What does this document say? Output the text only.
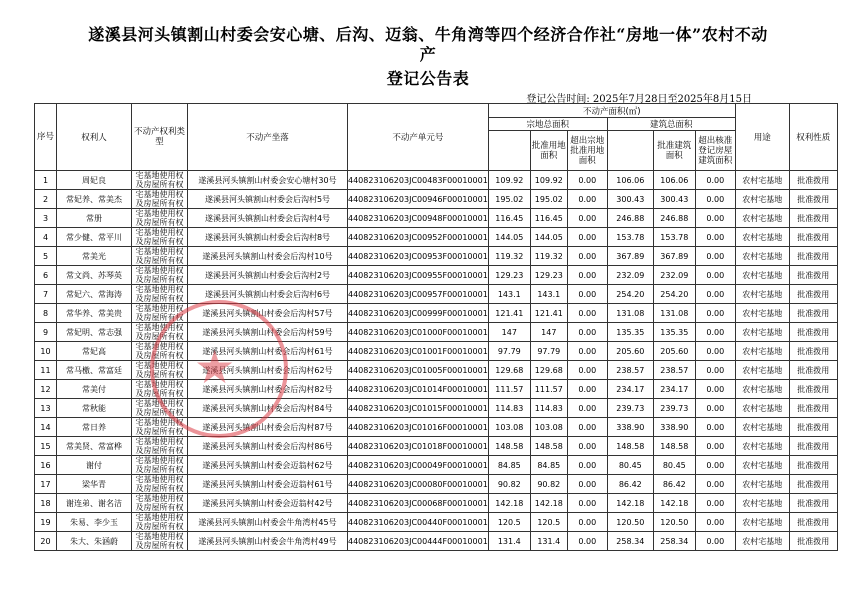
遂溪县河头镇割山村委会安心塘、后沟、迈翁、牛角湾等四个经济合作社“房地一体”农村不动
产
登记公告表
登记公告时间: 2025年7月28日至2025年8月15日
序号	权利人	不动产权利类型	不动产坐落	不动产单元号	不动产面积(㎡)						用途	权利性质
					宗地总面积			建筑总面积				
						批准用地面积	超出宗地批准用地面积		批准建筑面积	超出核准登记房屋建筑面积		
1	周妃良	宅基地使用权及房屋所有权	遂溪县河头镇割山村委会安心塘村30号	440823106203JC00483F00010001	109.92	109.92	0.00	106.06	106.06	0.00	农村宅基地	批准拨用
2	常妃养、常美杰	宅基地使用权及房屋所有权	遂溪县河头镇割山村委会后沟村5号	440823106203JC00946F00010001	195.02	195.02	0.00	300.43	300.43	0.00	农村宅基地	批准拨用
3	常册	宅基地使用权及房屋所有权	遂溪县河头镇割山村委会后沟村4号	440823106203JC00948F00010001	116.45	116.45	0.00	246.88	246.88	0.00	农村宅基地	批准拨用
4	常少健、常平川	宅基地使用权及房屋所有权	遂溪县河头镇割山村委会后沟村8号	440823106203JC00952F00010001	144.05	144.05	0.00	153.78	153.78	0.00	农村宅基地	批准拨用
5	常美光	宅基地使用权及房屋所有权	遂溪县河头镇割山村委会后沟村10号	440823106203JC00953F00010001	119.32	119.32	0.00	367.89	367.89	0.00	农村宅基地	批准拨用
6	常文尚、苏琴英	宅基地使用权及房屋所有权	遂溪县河头镇割山村委会后沟村2号	440823106203JC00955F00010001	129.23	129.23	0.00	232.09	232.09	0.00	农村宅基地	批准拨用
7	常妃六、常海涛	宅基地使用权及房屋所有权	遂溪县河头镇割山村委会后沟村6号	440823106203JC00957F00010001	143.1	143.1	0.00	254.20	254.20	0.00	农村宅基地	批准拨用
8	常华养、常美贵	宅基地使用权及房屋所有权	遂溪县河头镇割山村委会后沟村57号	440823106203JC00999F00010001	121.41	121.41	0.00	131.08	131.08	0.00	农村宅基地	批准拨用
9	常妃明、常志强	宅基地使用权及房屋所有权	遂溪县河头镇割山村委会后沟村59号	440823106203JC01000F00010001	147	147	0.00	135.35	135.35	0.00	农村宅基地	批准拨用
10	常妃高	宅基地使用权及房屋所有权	遂溪县河头镇割山村委会后沟村61号	440823106203JC01001F00010001	97.79	97.79	0.00	205.60	205.60	0.00	农村宅基地	批准拨用
11	常马檄、常富廷	宅基地使用权及房屋所有权	遂溪县河头镇割山村委会后沟村62号	440823106203JC01005F00010001	129.68	129.68	0.00	238.57	238.57	0.00	农村宅基地	批准拨用
12	常美付	宅基地使用权及房屋所有权	遂溪县河头镇割山村委会后沟村82号	440823106203JC01014F00010001	111.57	111.57	0.00	234.17	234.17	0.00	农村宅基地	批准拨用
13	常秋能	宅基地使用权及房屋所有权	遂溪县河头镇割山村委会后沟村84号	440823106203JC01015F00010001	114.83	114.83	0.00	239.73	239.73	0.00	农村宅基地	批准拨用
14	常日养	宅基地使用权及房屋所有权	遂溪县河头镇割山村委会后沟村87号	440823106203JC01016F00010001	103.08	103.08	0.00	338.90	338.90	0.00	农村宅基地	批准拨用
15	常美贤、常富桦	宅基地使用权及房屋所有权	遂溪县河头镇割山村委会后沟村86号	440823106203JC01018F00010001	148.58	148.58	0.00	148.58	148.58	0.00	农村宅基地	批准拨用
16	谢付	宅基地使用权及房屋所有权	遂溪县河头镇割山村委会迈翁村62号	440823106203JC00049F00010001	84.85	84.85	0.00	80.45	80.45	0.00	农村宅基地	批准拨用
17	梁华青	宅基地使用权及房屋所有权	遂溪县河头镇割山村委会迈翁村61号	440823106203JC00080F00010001	90.82	90.82	0.00	86.42	86.42	0.00	农村宅基地	批准拨用
18	谢连弟、谢名洁	宅基地使用权及房屋所有权	遂溪县河头镇割山村委会迈翁村42号	440823106203JC00068F00010001	142.18	142.18	0.00	142.18	142.18	0.00	农村宅基地	批准拨用
19	朱易、李少玉	宅基地使用权及房屋所有权	遂溪县河头镇割山村委会牛角湾村45号	440823106203JC00440F00010001	120.5	120.5	0.00	120.50	120.50	0.00	农村宅基地	批准拨用
20	朱大、朱涵蔚	宅基地使用权及房屋所有权	遂溪县河头镇割山村委会牛角湾村49号	440823106203JC00444F00010001	131.4	131.4	0.00	258.34	258.34	0.00	农村宅基地	批准拨用
★
